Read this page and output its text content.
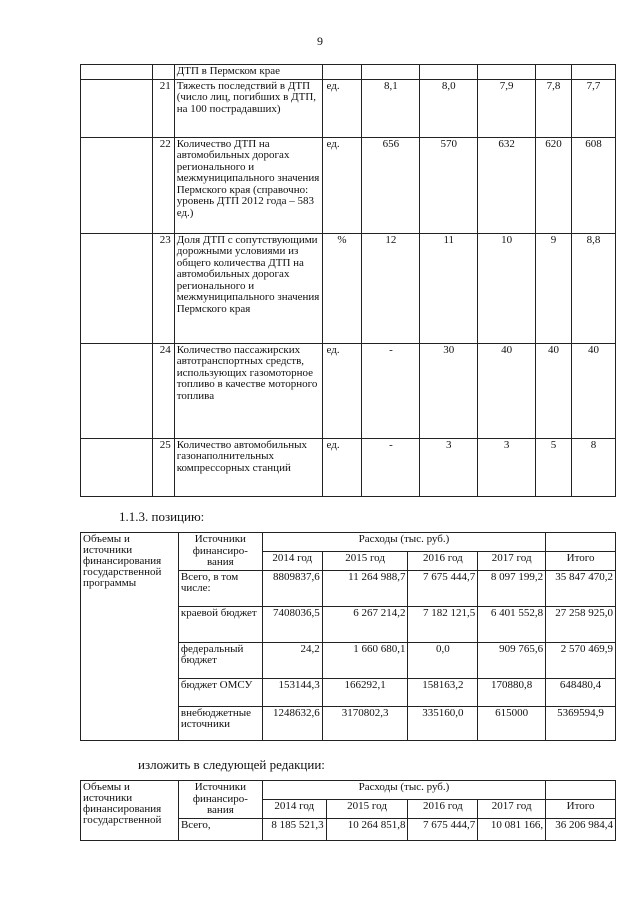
9
		ДТП в Пермском крае						
	21	Тяжесть последствий в ДТП (число лиц, погибших в ДТП, на 100 пострадавших)	ед.	8,1	8,0	7,9	7,8	7,7
	22	Количество ДТП на автомобильных дорогах регионального и межмуниципального значения Пермского края (справочно: уровень ДТП 2012 года – 583 ед.)	ед.	656	570	632	620	608
	23	Доля ДТП с сопутствующими дорожными условиями из общего количества ДТП на автомобильных дорогах регионального и межмуниципального значения Пермского края	%	12	11	10	9	8,8
	24	Количество пассажирских автотранспортных средств, использующих газомоторное топливо в качестве моторного топлива	ед.	-	30	40	40	40
	25	Количество автомобильных газонаполнительных компрессорных станций	ед.	-	3	3	5	8
1.1.3. позицию:
Объемы и источники финансирования государственной программы	Источники финансиро-вания	Расходы (тыс. руб.)				
		2014 год	2015 год	2016 год	2017 год	Итого
	Всего, в том числе:	8809837,6	11 264 988,7	7 675 444,7	8 097 199,2	35 847 470,2
	краевой бюджет	7408036,5	6 267 214,2	7 182 121,5	6 401 552,8	27 258 925,0
	федеральный бюджет	24,2	1 660 680,1	0,0	909 765,6	2 570 469,9
	бюджет ОМСУ	153144,3	166292,1	158163,2	170880,8	648480,4
	внебюджетные источники	1248632,6	3170802,3	335160,0	615000	5369594,9
изложить в следующей редакции:
Объемы и источники финансирования государственной	Источники финансиро-вания	Расходы (тыс. руб.)				
		2014 год	2015 год	2016 год	2017 год	Итого
	Всего,	8 185 521,3	10 264 851,8	7 675 444,7	10 081 166,	36 206 984,4
